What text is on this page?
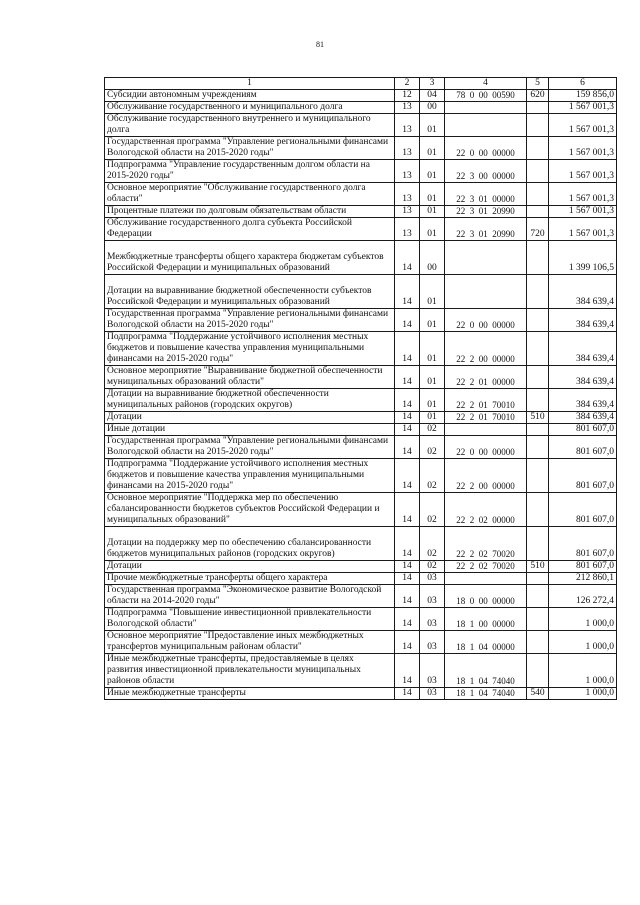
81
1	2	3	4	5	6
Субсидии автономным учреждениям	12	04	78  0  00  00590	620	159 856,0
Обслуживание государственного и муниципального долга	13	00			1 567 001,3
Обслуживание государственного внутреннего и муниципального долга	13	01			1 567 001,3
Государственная программа "Управление региональными финансами Вологодской области на 2015-2020 годы"	13	01	22  0  00  00000		1 567 001,3
Подпрограмма "Управление государственным долгом области на 2015-2020 годы"	13	01	22  3  00  00000		1 567 001,3
Основное мероприятие "Обслуживание государственного долга области"	13	01	22  3  01  00000		1 567 001,3
Процентные платежи по долговым обязательствам области	13	01	22  3  01  20990		1 567 001,3
Обслуживание государственного долга субъекта Российской Федерации	13	01	22  3  01  20990	720	1 567 001,3
Межбюджетные трансферты общего характера бюджетам субъектов Российской Федерации и муниципальных образований	14	00			1 399 106,5
Дотации на выравнивание бюджетной обеспеченности субъектов Российской Федерации и муниципальных образований	14	01			384 639,4
Государственная программа "Управление региональными финансами Вологодской области на 2015-2020 годы"	14	01	22  0  00  00000		384 639,4
Подпрограмма "Поддержание устойчивого исполнения местных бюджетов и повышение качества управления муниципальными финансами на 2015-2020 годы"	14	01	22  2  00  00000		384 639,4
Основное мероприятие "Выравнивание бюджетной обеспеченности муниципальных образований области"	14	01	22  2  01  00000		384 639,4
Дотации на выравнивание бюджетной обеспеченности муниципальных районов (городских округов)	14	01	22  2  01  70010		384 639,4
Дотации	14	01	22  2  01  70010	510	384 639,4
Иные дотации	14	02			801 607,0
Государственная программа "Управление региональными финансами Вологодской области на 2015-2020 годы"	14	02	22  0  00  00000		801 607,0
Подпрограмма "Поддержание устойчивого исполнения местных бюджетов и повышение качества управления муниципальными финансами на 2015-2020 годы"	14	02	22  2  00  00000		801 607,0
Основное мероприятие "Поддержка мер по обеспечению сбалансированности бюджетов субъектов Российской Федерации и муниципальных образований"	14	02	22  2  02  00000		801 607,0
Дотации на поддержку мер по обеспечению сбалансированности бюджетов муниципальных районов (городских округов)	14	02	22  2  02  70020		801 607,0
Дотации	14	02	22  2  02  70020	510	801 607,0
Прочие межбюджетные трансферты общего характера	14	03			212 860,1
Государственная программа "Экономическое развитие Вологодской области на 2014-2020 годы"	14	03	18  0  00  00000		126 272,4
Подпрограмма "Повышение инвестиционной привлекательности Вологодской области"	14	03	18  1  00  00000		1 000,0
Основное мероприятие "Предоставление иных межбюджетных трансфертов муниципальным районам области"	14	03	18  1  04  00000		1 000,0
Иные межбюджетные трансферты, предоставляемые в целях развития инвестиционной привлекательности муниципальных районов области	14	03	18  1  04  74040		1 000,0
Иные межбюджетные трансферты	14	03	18  1  04  74040	540	1 000,0
